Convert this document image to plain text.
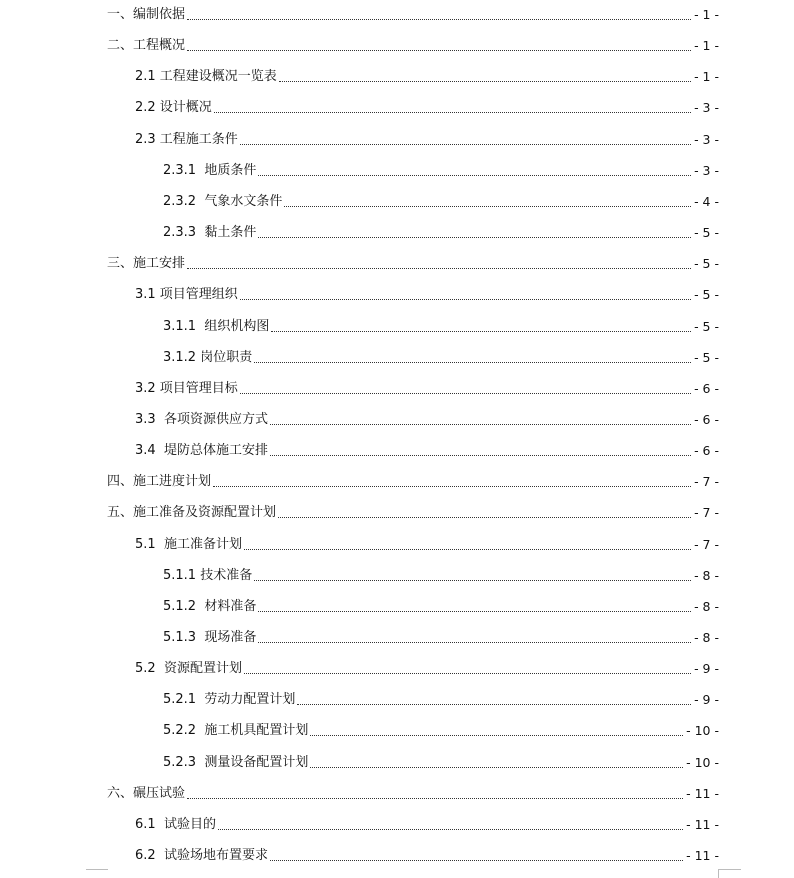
一、编制依据	- 1 -
二、工程概况	- 1 -
2.1 工程建设概况一览表	- 1 -
2.2 设计概况	- 3 -
2.3 工程施工条件	- 3 -
2.3.1  地质条件	- 3 -
2.3.2  气象水文条件	- 4 -
2.3.3  黏土条件	- 5 -
三、施工安排	- 5 -
3.1 项目管理组织	- 5 -
3.1.1  组织机构图	- 5 -
3.1.2 岗位职责	- 5 -
3.2 项目管理目标	- 6 -
3.3  各项资源供应方式	- 6 -
3.4  堤防总体施工安排	- 6 -
四、施工进度计划	- 7 -
五、施工准备及资源配置计划	- 7 -
5.1  施工准备计划	- 7 -
5.1.1 技术准备	- 8 -
5.1.2  材料准备	- 8 -
5.1.3  现场准备	- 8 -
5.2  资源配置计划	- 9 -
5.2.1  劳动力配置计划	- 9 -
5.2.2  施工机具配置计划	- 10 -
5.2.3  测量设备配置计划	- 10 -
六、碾压试验	- 11 -
6.1  试验目的	- 11 -
6.2  试验场地布置要求	- 11 -
